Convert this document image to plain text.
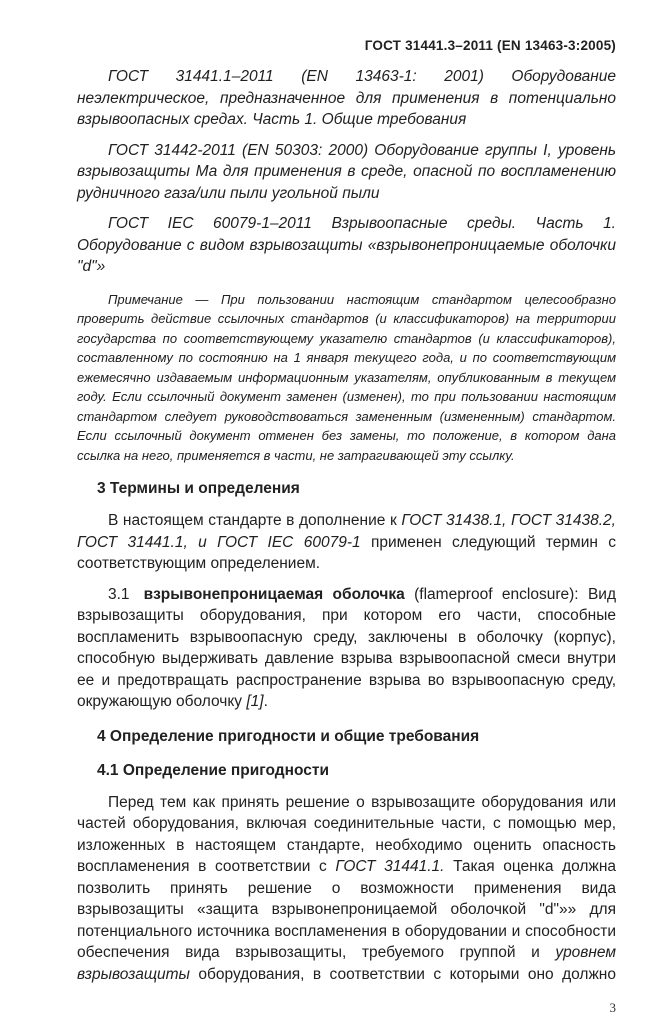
ГОСТ 31441.3–2011 (EN 13463-3:2005)

ГОСТ 31441.1–2011 (EN 13463-1: 2001) Оборудование неэлектрическое, предназначенное для применения в потенциально взрывоопасных средах. Часть 1. Общие требования

ГОСТ 31442-2011 (EN 50303: 2000) Оборудование группы I, уровень взрывозащиты Ма для применения в среде, опасной по воспламенению рудничного газа/или пыли угольной пыли

ГОСТ IEC 60079-1–2011 Взрывоопасные среды. Часть 1. Оборудование с видом взрывозащиты «взрывонепроницаемые оболочки "d"»

Примечание — При пользовании настоящим стандартом целесообразно проверить действие ссылочных стандартов (и классификаторов) на территории государства по соответствующему указателю стандартов (и классификаторов), составленному по состоянию на 1 января текущего года, и по соответствующим ежемесячно издаваемым информационным указателям, опубликованным в текущем году. Если ссылочный документ заменен (изменен), то при пользовании настоящим стандартом следует руководствоваться замененным (измененным) стандартом. Если ссылочный документ отменен без замены, то положение, в котором дана ссылка на него, применяется в части, не затрагивающей эту ссылку.

3 Термины и определения

В настоящем стандарте в дополнение к ГОСТ 31438.1, ГОСТ 31438.2, ГОСТ 31441.1, и ГОСТ IEC 60079-1 применен следующий термин с соответствующим определением.

3.1 взрывонепроницаемая оболочка (flameproof enclosure): Вид взрывозащиты оборудования, при котором его части, способные воспламенить взрывоопасную среду, заключены в оболочку (корпус), способную выдерживать давление взрыва взрывоопасной смеси внутри ее и предотвращать распространение взрыва во взрывоопасную среду, окружающую оболочку [1].

4 Определение пригодности и общие требования
4.1 Определение пригодности

Перед тем как принять решение о взрывозащите оборудования или частей оборудования, включая соединительные части, с помощью мер, изложенных в настоящем стандарте, необходимо оценить опасность воспламенения в соответствии с ГОСТ 31441.1. Такая оценка должна позволить принять решение о возможности применения вида взрывозащиты «защита взрывонепроницаемой оболочкой "d"»» для потенциального источника воспламенения в оборудовании и способности обеспечения вида взрывозащиты, требуемого группой и уровнем взрывозащиты оборудования, в соответствии с которыми оно должно

3
